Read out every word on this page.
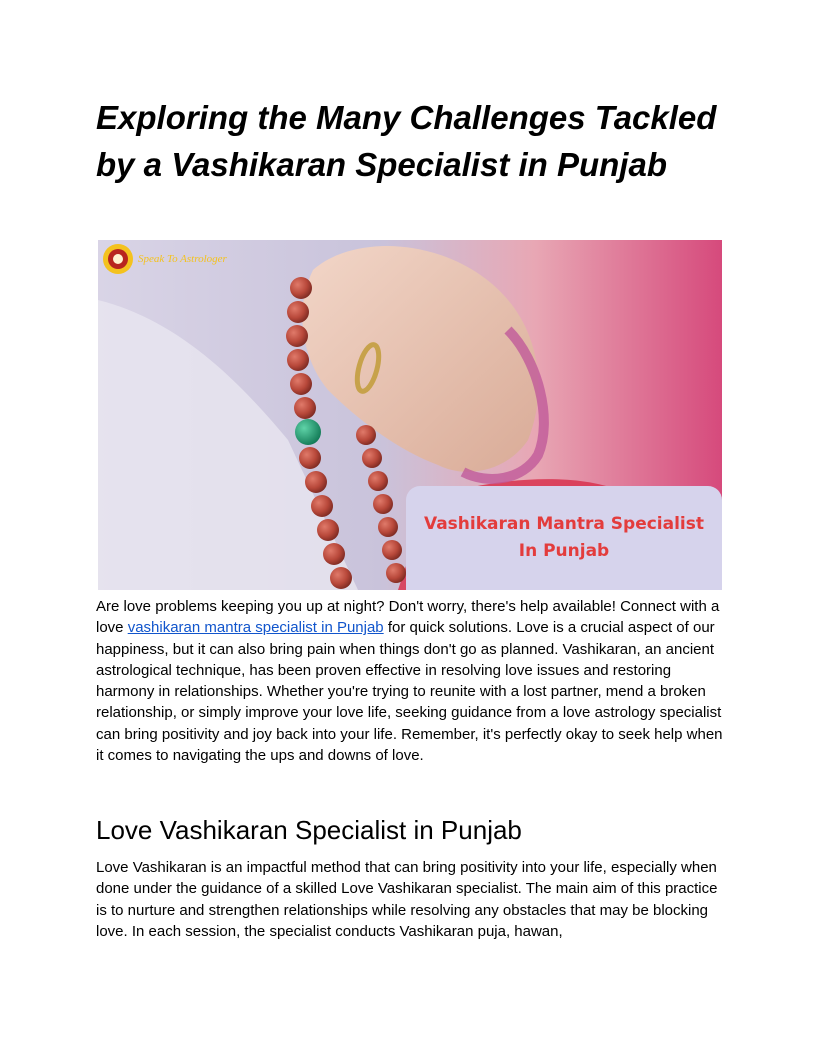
Exploring the Many Challenges Tackled by a Vashikaran Specialist in Punjab
Speak To Astrologer
Vashikaran Mantra Specialist
In Punjab

Are love problems keeping you up at night? Don't worry, there's help available! Connect with a love vashikaran mantra specialist in Punjab for quick solutions. Love is a crucial aspect of our happiness, but it can also bring pain when things don't go as planned. Vashikaran, an ancient astrological technique, has been proven effective in resolving love issues and restoring harmony in relationships. Whether you're trying to reunite with a lost partner, mend a broken relationship, or simply improve your love life, seeking guidance from a love astrology specialist can bring positivity and joy back into your life. Remember, it's perfectly okay to seek help when it comes to navigating the ups and downs of love.

Love Vashikaran Specialist in Punjab

Love Vashikaran is an impactful method that can bring positivity into your life, especially when done under the guidance of a skilled Love Vashikaran specialist. The main aim of this practice is to nurture and strengthen relationships while resolving any obstacles that may be blocking love. In each session, the specialist conducts Vashikaran puja, hawan,
